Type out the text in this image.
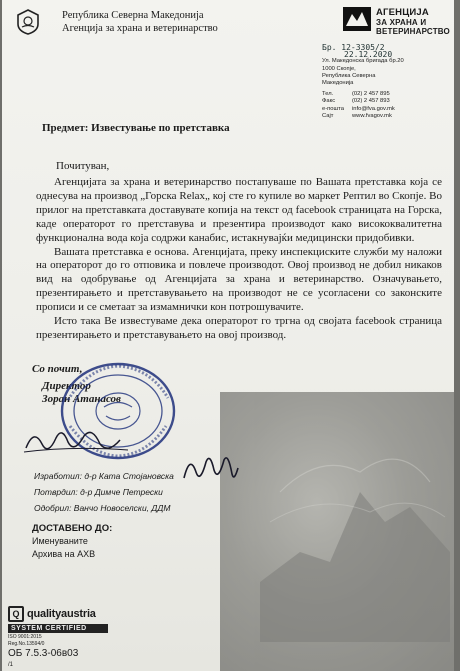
Република Северна Македонија
Агенција за храна и ветеринарство
АГЕНЦИЈА
ЗА ХРАНА И
ВЕТЕРИНАРСТВО
Бр. 12-3305/2
22.12.2020
Ул. Македонска бригада бр.20
1000 Скопје,
Република Северна
Македонија
Тел.	(02) 2 457 895
Факс	(02) 2 457 893
е-пошта info@fva.gov.mk
Сајт	www.fvagov.mk
Предмет: Известување по претставка
Почитуван,

Агенцијата за храна и ветеринарство постапуваше по Вашата претставка која се однесува на производ „Горска Relax„ кој сте го купиле во маркет Рептил во Скопје. Во прилог на претставката доставувате копија на текст од facebook страницата на Горска, каде операторот го претставува и презентира производот како висококвалитетна функционална вода која содржи канабис, истакнувајќи медицински придобивки.

Вашата претставка е основа. Агенцијата, преку инспекциските служби му наложи на операторот до го отповика и повлече производот. Овој производ не добил никаков вид на одобрување од Агенцијата за храна и ветеринарство. Означувањето, презентирањето и претставувањето на производот не се усогласени со законските прописи и се сметаат за измамнички кон потрошувачите.

Исто така Ве известуваме дека операторот го тргна од својата facebook страница презентирањето и претставувањето на овој производ.

Со почит,
Директор
Зоран Атанасов
Изработил: д-р Ката Стојановска
Потврдил: д-р Димче Петрески
Одобрил: Ванчо Новоселски, ДДМ
ДОСТАВЕНО ДО:
Именуваните
Архива на АХВ
Q qualityaustria
SYSTEM CERTIFIED
ISO 9001:2015
Reg.No.13594/0
ОБ 7.5.3-06в03
/1
